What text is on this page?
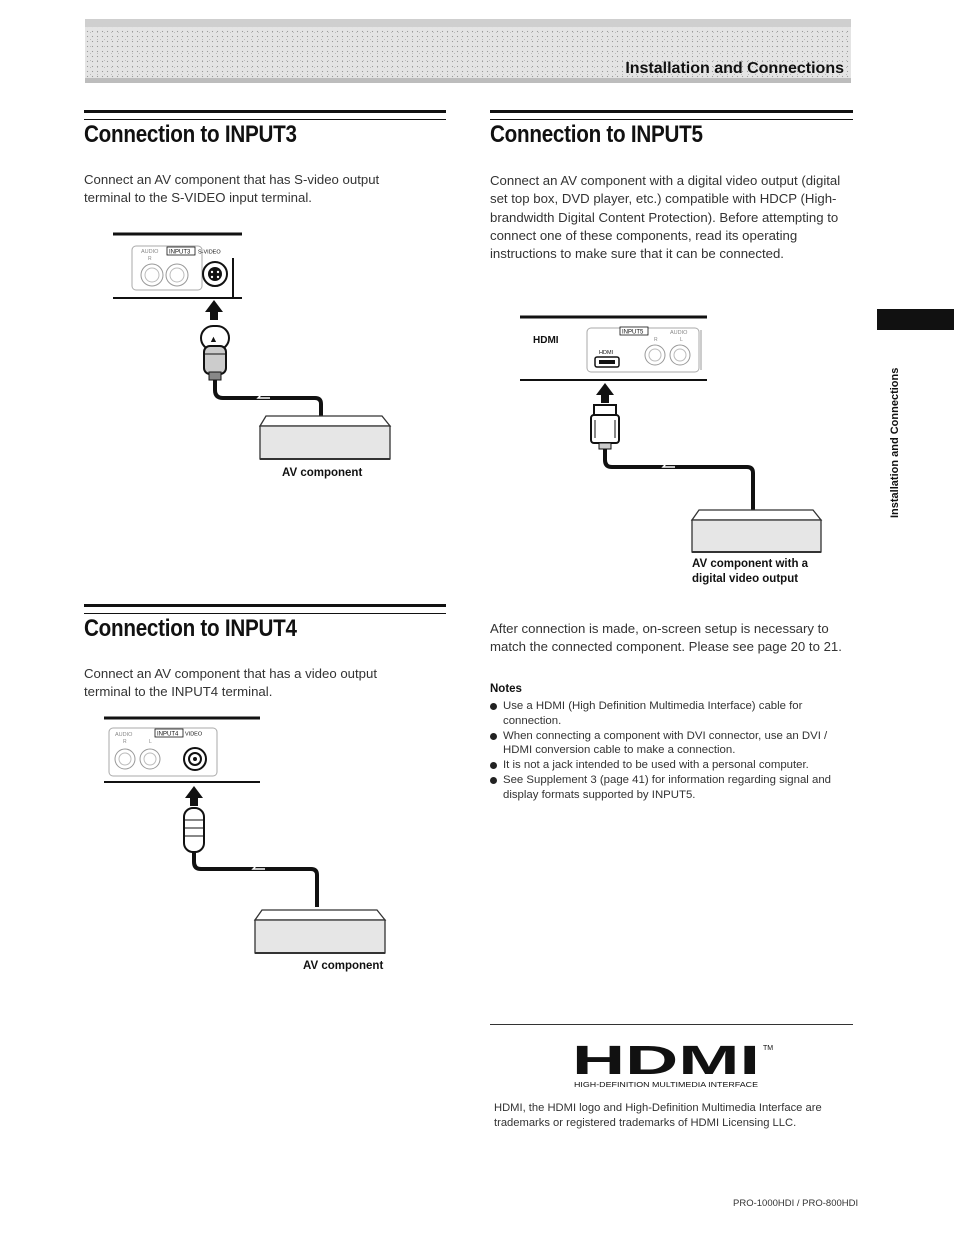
Installation and Connections
Installation and Connections
Connection to INPUT3
Connect an AV component that has S-video output terminal to the S-VIDEO input terminal.
AUDIO
R
INPUT3 S-VIDEO
▲
AV component
Connection to INPUT4
Connect an AV component that has a video output terminal to the INPUT4 terminal.
AUDIO
R	L
INPUT4 VIDEO
AV component
Connection to INPUT5
Connect an AV component with a digital video output (digital set top box, DVD player, etc.) compatible with HDCP (High-brandwidth Digital Content Protection). Before attempting to connect one of these components, read its operating instructions to make sure that it can be connected.
HDMI
INPUT5
HDMI
AUDIO
R	L
AV component with a
digital video output
After connection is made, on-screen setup is necessary to match the connected component. Please see page 20 to 21.
Notes
Use a HDMI (High Definition Multimedia Interface) cable for connection.
When connecting a component with DVI connector, use an DVI / HDMI conversion cable to make a connection.
It is not a jack intended to be used with a personal computer.
See Supplement 3 (page 41) for information regarding signal and display formats supported by INPUT5.
HDMI TM
HIGH-DEFINITION MULTIMEDIA INTERFACE
HDMI, the HDMI logo and High-Definition Multimedia Interface are trademarks or registered trademarks of HDMI Licensing LLC.
PRO-1000HDI / PRO-800HDI
